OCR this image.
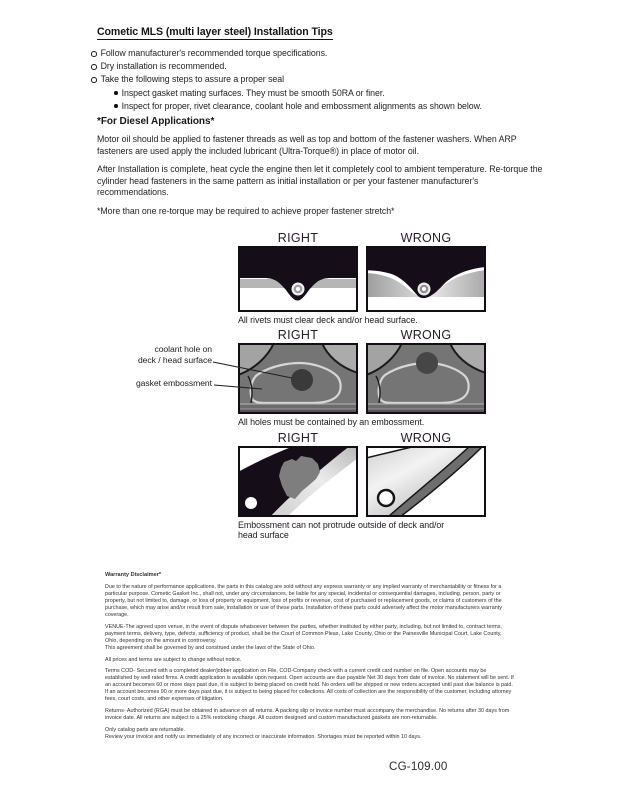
Cometic MLS (multi layer steel) Installation Tips
Follow manufacturer's recommended torque specifications.
Dry installation is recommended.
Take the following steps to assure a proper seal
Inspect gasket mating surfaces. They must be smooth 50RA or finer.
Inspect for proper, rivet clearance, coolant hole and embossment alignments as shown below.
*For Diesel Applications*

Motor oil should be applied to fastener threads as well as top and bottom of the fastener washers. When ARP fasteners are used apply the included lubricant (Ultra-Torque®) in place of motor oil.

After Installation is complete, heat cycle the engine then let it completely cool to ambient temperature. Re-torque the cylinder head fasteners in the same pattern as initial installation or per your fastener manufacturer's recommendations.

*More than one re-torque may be required to achieve proper fastener stretch*

RIGHT	WRONG
All rivets must clear deck and/or head surface.
RIGHT	WRONG
All holes must be contained by an embossment.
coolant hole on
deck / head surface
gasket embossment
RIGHT	WRONG
Embossment can not protrude outside of deck and/or head surface
Warranty Disclaimer*

Due to the nature of performance applications, the parts in this catalog are sold without any express warranty or any implied warranty of merchantability or fitness for a particular purpose. Cometic Gasket Inc., shall not, under any circumstances, be liable for any special, incidental or consequential damages, including, person, party or property, but not limited to, damage, or loss of property or equipment, loss of profits or revenue, cost of purchased or replacement goods, or claims of customers of the purchase, which may arise and/or result from sale, installation or use of these parts. Installation of these parts could adversely affect the motor manufacturers warranty coverage.

VENUE-The agreed upon venue, in the event of dispute whatsoever between the parties, whether instituted by either party, including, but not limited to, contract terms, payment terms, delivery, type, defects, sufficiency of product, shall be the Court of Common Pleas, Lake County, Ohio or the Painesville Municipal Court, Lake County, Ohio, depending on the amount in controversy.

This agreement shall be governed by and construed under the laws of the State of Ohio.

All prices and terms are subject to change without notice.

Terms COD- Secured with a completed dealer/jobber application on File, COD-Company check with a current credit card number on file. Open accounts may be established by well rated firms. A credit application is available upon request. Open accounts are due payable Net 30 days from date of invoice. No statement will be sent. If an account becomes 60 or more days past due, it is subject to being placed on credit hold. No orders will be shipped or new orders accepted until past due balance is paid. If an account becomes 90 or more days past due, it is subject to being placed for collections. All costs of collection are the responsibility of the customer, including attorney fees, court costs, and other expenses of litigation.

Returns- Authorized (RGA) must be obtained in advance on all returns. A packing slip or invoice number must accompany the merchandise. No returns after 30 days from invoice date. All returns are subject to a 25% restocking charge. All custom designed and custom manufactured gaskets are non-returnable.

Only catalog parts are returnable.

Review your invoice and notify us immediately of any incorrect or inaccurate information. Shortages must be reported within 10 days.

CG-109.00
